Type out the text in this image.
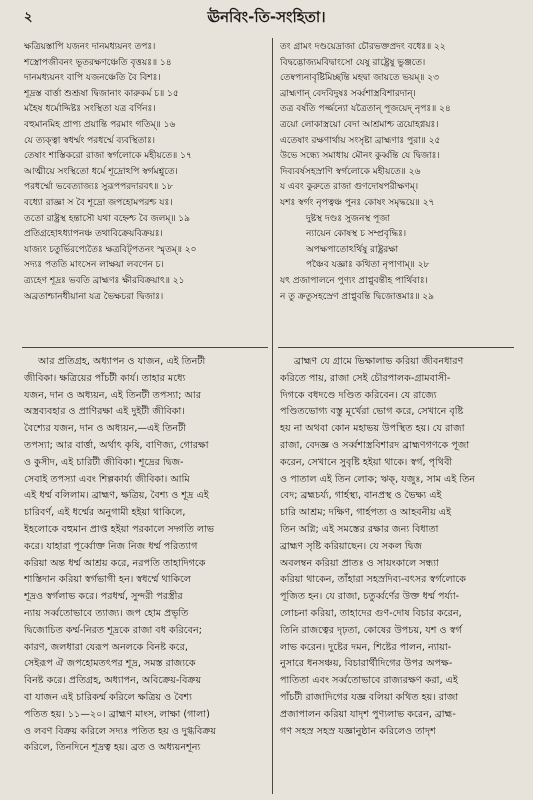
২	ঊনবিং-তি-সংহিতা।
ক্ষত্রিয়স্তাপি যজনং দানমধ্যয়নং তপঃ।
শস্ত্রোপজীবনং ভূতরক্ষণঞ্চেতি বৃত্তয়ঃ॥ ১৪
দানমধ্যয়নং বাপি যজনঞ্চেতি বৈ বিশঃ।
শূদ্রস্ত বার্ত্তা শুশ্রূষা দ্বিজানাং কারুকর্ম চ॥ ১৫
মহৈষ ধর্মোদ্দিষ্টঃ সংস্থিতা যত্র বর্ণিনঃ।
বহুমানমিহ প্রাপ্য প্রয়ান্তি পরমাং গতিম্॥ ১৬
যে ত্যক্ত্বা স্বধর্ম্মং পরধর্ম্মে ব্যবস্থিতাঃ।
তেষাং শাস্তিকরো রাজা স্বর্গলোকে মহীয়তে॥ ১৭
আত্মীয়ে সংস্থিতো ধর্মে শূদ্রোঽপি স্বর্গমশ্নুতে।
পরধর্ম্মো ভবেত্যাজ্যঃ সুরূপপরদারবৎ॥ ১৮
বধ্যো রাজ্ঞা স বৈ শূদ্রো জপহোমপরশ্চ যঃ।
ততো রাষ্ট্রস্থ হন্তাসৌ যথা বহ্নেশ্চ বৈ জলম্॥ ১৯
প্রতিগ্রহোঽধ্যাপনঞ্চ তথাবিক্রেয়বিক্রয়ঃ।
যাজ্যং চতুর্ভিরপ্যেতৈঃ ক্ষত্রবিট্পতনং স্মৃতম্॥ ২০
সদ্যঃ পততি মাংসেন লাক্ষয়া লবণেন চ।
ত্র্যহেণ শূদ্রঃ ভবতি ব্রাহ্মণঃ ক্ষীরবিক্রয়াৎ॥ ২১
অব্রতাশ্চানধীয়ানা যত্র ভৈক্ষচরা দ্বিজাঃ।
তং গ্রামং দণ্ডয়েদ্রাজা চৌরভক্তপ্রদং বধেঃ॥ ২২
বিদ্বদ্ভোজ্যমবিদ্বাংসো যেষু রাষ্ট্রেষু ভুঞ্জতে।
তেষ্বপ্যনাবৃষ্টিমিচ্ছন্তি মহদ্বা জায়তে ভয়ম্॥ ২৩
ব্রাহ্মণান্ বেদবিদুষঃ সর্ব্বশাস্ত্রবিশারদান্।
তত্র বর্ষতি পর্জ্জন্যো যত্রৈতান্ পূজয়েদ্ নৃপঃ॥ ২৪
ত্রয়ো লোকাস্ত্রয়ো বেদা আশ্রমাশ্চ ত্রয়োহগ্নয়ঃ।
এতেষাং রক্ষণার্থায় সংসৃষ্টা ব্রাহ্মণাঃ পুরা॥ ২৫
উভে সন্ধ্যে সমাধায় মৌনং কুর্ব্বন্তি যে দ্বিজাঃ।
দিব্যবর্ষসহস্রাণি স্বর্গলোকে মহীয়তে॥ ২৬
য এবং কুরুতে রাজা গুণদোষপরীক্ষণম্।
যশঃ স্বর্গং নৃপত্বঞ্চ পুনঃ কোষং সমৃদ্ধয়ে॥ ২৭
দুষ্টস্থ দণ্ডঃ সুজনস্থ পূজা
ন্যায়েন কোষস্থ চ সম্প্রবৃদ্ধিঃ।
অপক্ষপাতোঽর্থিষু রাষ্ট্ররক্ষা
পঞ্চৈব যজ্ঞাঃ কথিতা নৃপাণাম্॥ ২৮
যৎ প্রজাপালনে পুণ্যং প্রাপ্নুবন্তীহ পার্থিবাঃ।
ন তু ক্রতুসহস্রেণ প্রাপ্নুবন্তি দ্বিজোত্তমাঃ॥ ২৯
আর প্রতিগ্রহ, অধ্যাপন ও যাজন, এই তিনটী
জীবিকা। ক্ষত্রিয়ের পাঁচটী কার্য। তাহার মধ্যে
যজন, দান ও অধ্যয়ন, এই তিনটী তপস্যা; আর
অস্ত্রব্যবহার ও প্রাণিরক্ষা এই দুইটী জীবিকা।
বৈশ্যের যজন, দান ও অধ্যয়ন,—এই তিনটী
তপস্যা; আর বার্ত্তা, অর্থাৎ কৃষি, বাণিজ্য, গোরক্ষা
ও কুসীদ, এই চারিটী জীবিকা। শূদ্রের দ্বিজ-
সেবাই তপস্যা এবং শিল্পকার্য্য জীবিকা। আমি
এই ধর্ম্ম বলিলাম। ব্রাহ্মণ, ক্ষত্রিয়, বৈশ্য ও শূদ্র এই
চারিবর্ণ, এই ধর্ম্মের অনুগামী হইয়া থাকিলে,
ইহলোকে বহুমান প্রাপ্ত হইয়া পরকালে সদ্গতি লাভ
করে। যাহারা পূর্ব্বোক্ত নিজ নিজ ধর্ম্ম পরিত্যাগ
করিয়া অন্ত ধর্ম্ম আশ্রয় করে, নরপতি তাহাদিগকে
শাস্তিদান করিয়া স্বর্গভাগী হন। স্বধর্ম্মে থাকিলে
শূদ্রও স্বর্গলাভ করে। পরধর্ম্ম, সুন্দরী পরস্ত্রীর
ন্যায় সর্ব্বতোভাবে ত্যাজ্য। জপ হোম প্রভৃতি
দ্বিজোচিত কর্ম্ম-নিরত শূদ্রকে রাজা বধ করিবেন;
কারণ, জলধারা যেরূপ অনলকে বিনষ্ট করে,
সেইরূপ ঐ জপহোমতৎপর শূদ্র, সমস্ত রাজ্যকে
বিনষ্ট করে। প্রতিগ্রহ, অধ্যাপন, অবিক্রেয়-বিক্রয়
বা যাজন এই চারিকর্ম্ম করিলে ক্ষত্রিয় ও বৈশ্য
পতিত হয়। ১১—২০। ব্রাহ্মণ মাংস, লাক্ষা (গালা)
ও লবণ বিক্রয় করিলে সদ্যঃ পতিত হয় ও দুগ্ধবিক্রয়
করিলে, তিনদিনে শূদ্রত্ব হয়। ব্রত ও অধ্যয়নশূন্য
ব্রাহ্মণ যে গ্রামে ভিক্ষালাভ করিয়া জীবনধারণ
করিতে পায়, রাজা সেই চৌরপালক-গ্রামবাসী-
দিগকে বধদণ্ডে দণ্ডিত করিবেন। যে রাজ্যে
পণ্ডিতভোগ্য বস্তু মূর্খেরা ভোগ করে, সেখানে বৃষ্টি
হয় না অথবা কোন মহাভয় উপস্থিত হয়। যে রাজা
রাজা, বেদজ্ঞ ও সর্ব্বশাস্ত্রবিশারদ ব্রাহ্মণগণকে পূজা
করেন, সেখানে সুবৃষ্টি হইয়া থাকে। স্বর্গ, পৃথিবী
ও পাতাল এই তিন লোক; ঋক্, যজুঃ, সাম এই তিন
বেদ; ব্রহ্মচর্য্য, গার্হস্থ্য, বানপ্রস্থ ও ভৈক্ষ্য এই
চারি আশ্রম; দক্ষিণ, গার্হপত্য ও আহবনীয় এই
তিন অগ্নি; এই সমস্তের রক্ষার জন্য বিধাতা
ব্রাহ্মণ সৃষ্টি করিয়াছেন। যে সকল দ্বিজ
অবলম্বন করিয়া প্রাতঃ ও সায়ংকালে সন্ধ্যা
করিয়া থাকেন, তাঁহারা সহস্রদিব্য-বৎসর স্বর্গলোকে
পূজিত হন। যে রাজা, চতুর্ব্বর্ণের উক্ত ধর্ম্ম পর্য্যা-
লোচনা করিয়া, তাহাদের গুণ-দোষ বিচার করেন,
তিনি রাজত্বের দৃঢ়তা, কোষের উপচয়, যশ ও স্বর্গ
লাভ করেন। দুষ্টের দমন, শিষ্টের পালন, ন্যায়া-
নুসারে ধনসঞ্চয়, বিচারার্থীদিগের উপর অপক্ষ-
পাতিতা এবং সর্ব্বতোভাবে রাজ্যরক্ষণ করা, এই
পাঁচটী রাজাদিগের যজ্ঞ বলিয়া কথিত হয়। রাজা
প্রজাপালন করিয়া যাদৃশ পুণ্যলাভ করেন, ব্রাহ্ম-
গণ সহস্র সহস্র যজ্ঞানুষ্ঠান করিলেও তাদৃশ
